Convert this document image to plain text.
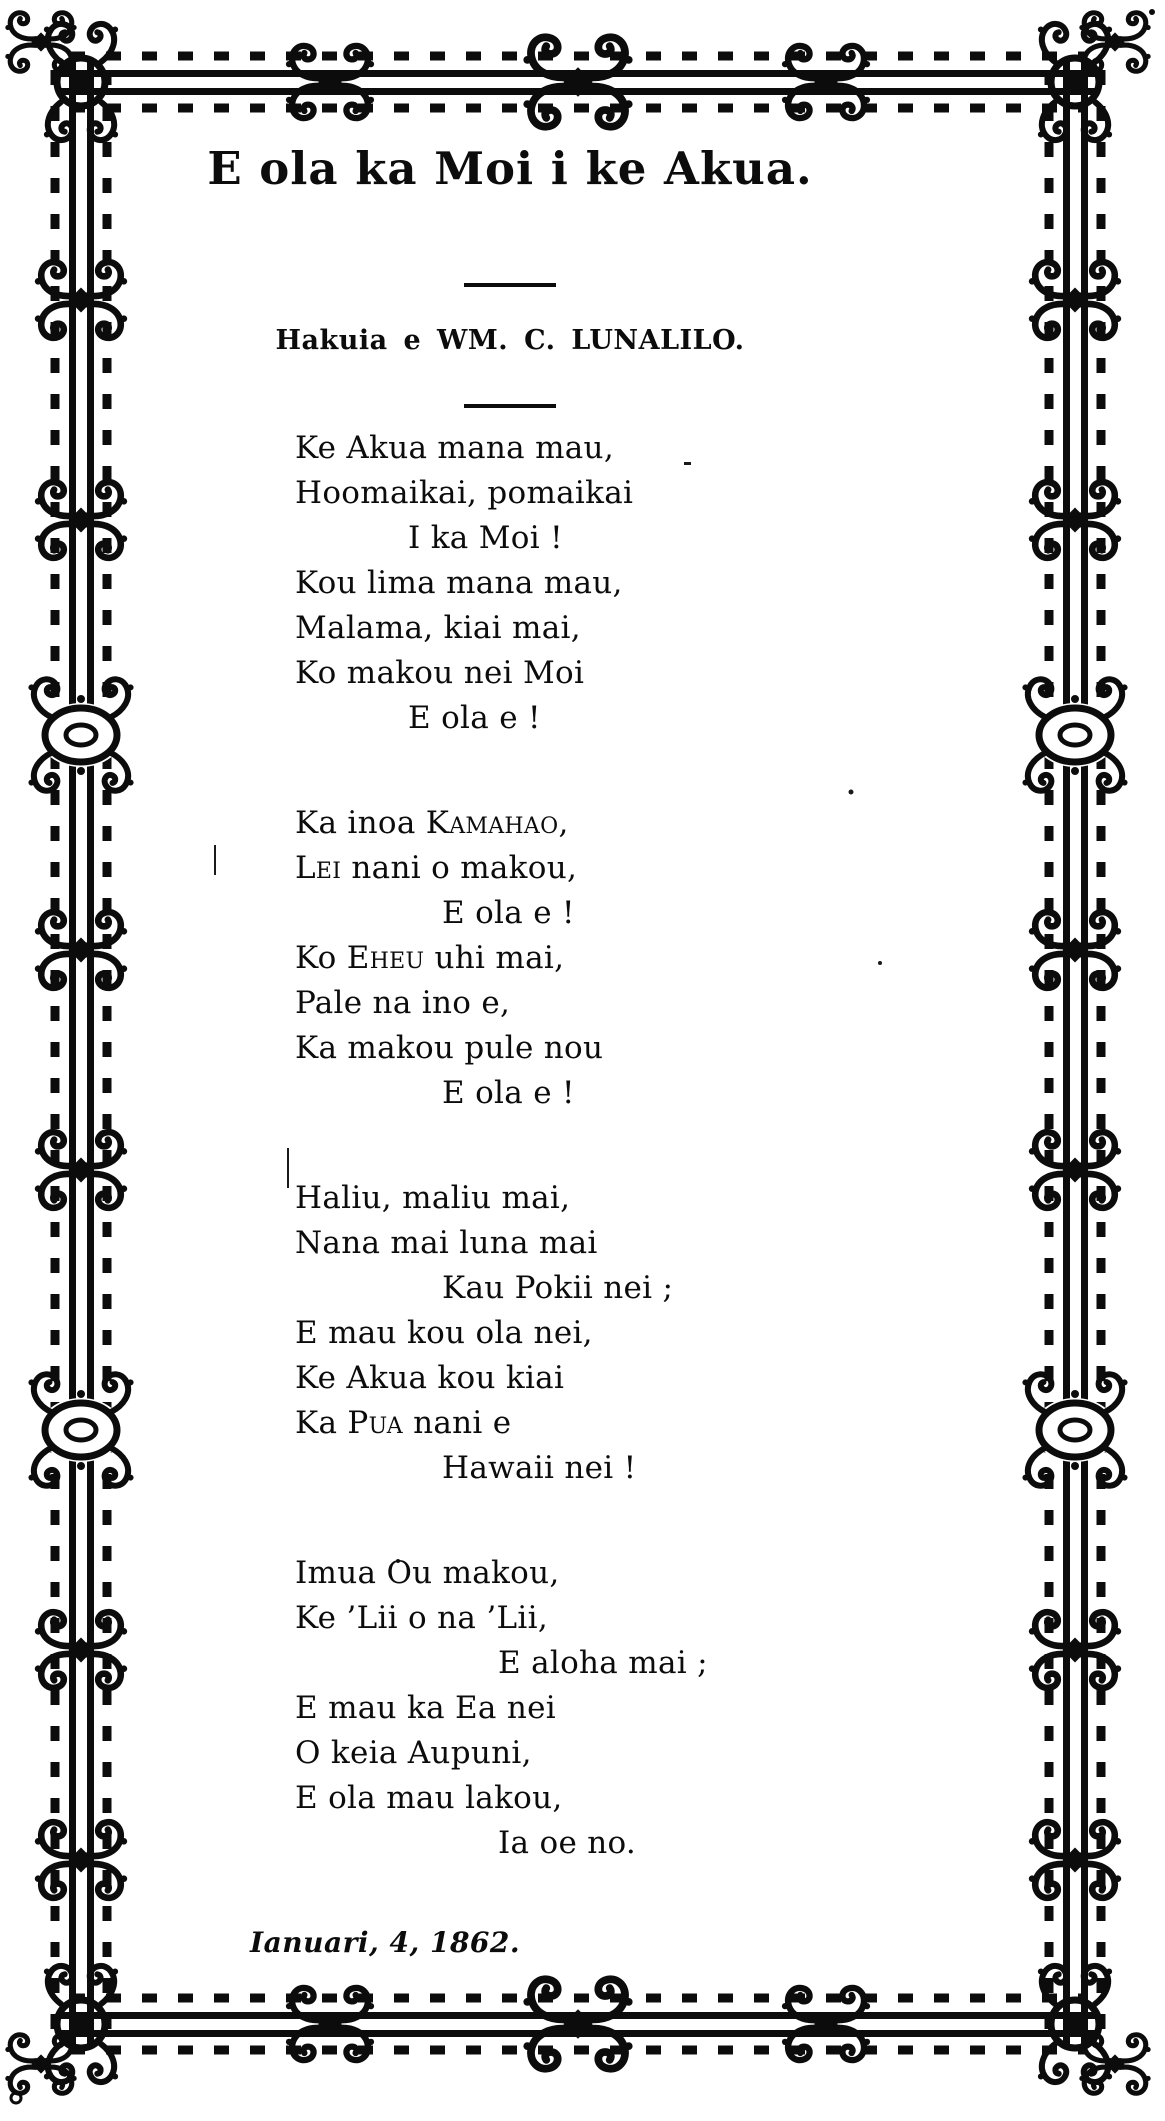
E ola ka Moi i ke Akua.
Hakuia e WM. C. LUNALILO.
Ke Akua mana mau,
Hoomaikai, pomaikai
I ka Moi !
Kou lima mana mau,
Malama, kiai mai,
Ko makou nei Moi
E ola e !
Ka inoa Kamahao,
Lei nani o makou,
E ola e !
Ko Eheu uhi mai,
Pale na ino e,
Ka makou pule nou
E ola e !
Haliu, maliu mai,
Nana mai luna mai
Kau Pokii nei ;
E mau kou ola nei,
Ke Akua kou kiai
Ka Pua nani e
Hawaii nei !
Imua Ou makou,
Ke ’Lii o na ’Lii,
E aloha mai ;
E mau ka Ea nei
O keia Aupuni,
E ola mau lakou,
Ia oe no.
Ianuari, 4, 1862.
